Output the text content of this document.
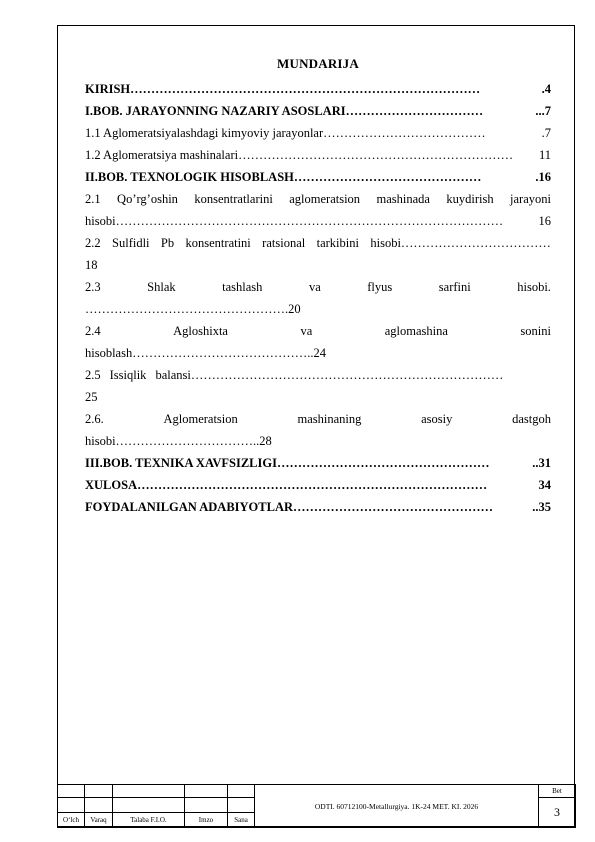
MUNDARIJA
KIRISH …………………………………………………………………………	.4
I.BOB. JARAYONNING NAZARIY ASOSLARI ……………………………	...7
1.1 Aglomeratsiyalashdagi kimyoviy jarayonlar …………………………………	.7
1.2 Aglomeratsiya mashinalari …………………………………………………………	11
II.BOB. TEXNOLOGIK HISOBLASH ………………………………………	.16
2.1 Qo’rg’oshin konsentratlarini aglomeratsion mashinada kuydirish jarayoni
hisobi …………………………………………………………………………………	16
2.2 Sulfidli Pb konsentratini ratsional tarkibini hisobi ………………………………
18
2.3	Shlak	tashlash	va	flyus	sarfini	hisobi.
………………………………………….20
2.4	Agloshixta	va	aglomashina	sonini
hisoblash……………………………………..24
2.5 Issiqlik balansi …………………………………………………………………
25
2.6.	Aglomeratsion	mashinaning	asosiy	dastgoh
hisobi……………………………..28
III.BOB. TEXNIKA XAVFSIZLIGI ……………………………………………	..31
XULOSA …………………………………………………………………………	34
FOYDALANILGAN ADABIYOTLAR …………………………………………	..35
					ODTI. 60712100-Metallurgiya. 1K-24 MET. KI. 2026	Bet
						3
O‘lch	Varaq	Talaba F.I.O.	Imzo	Sana		
